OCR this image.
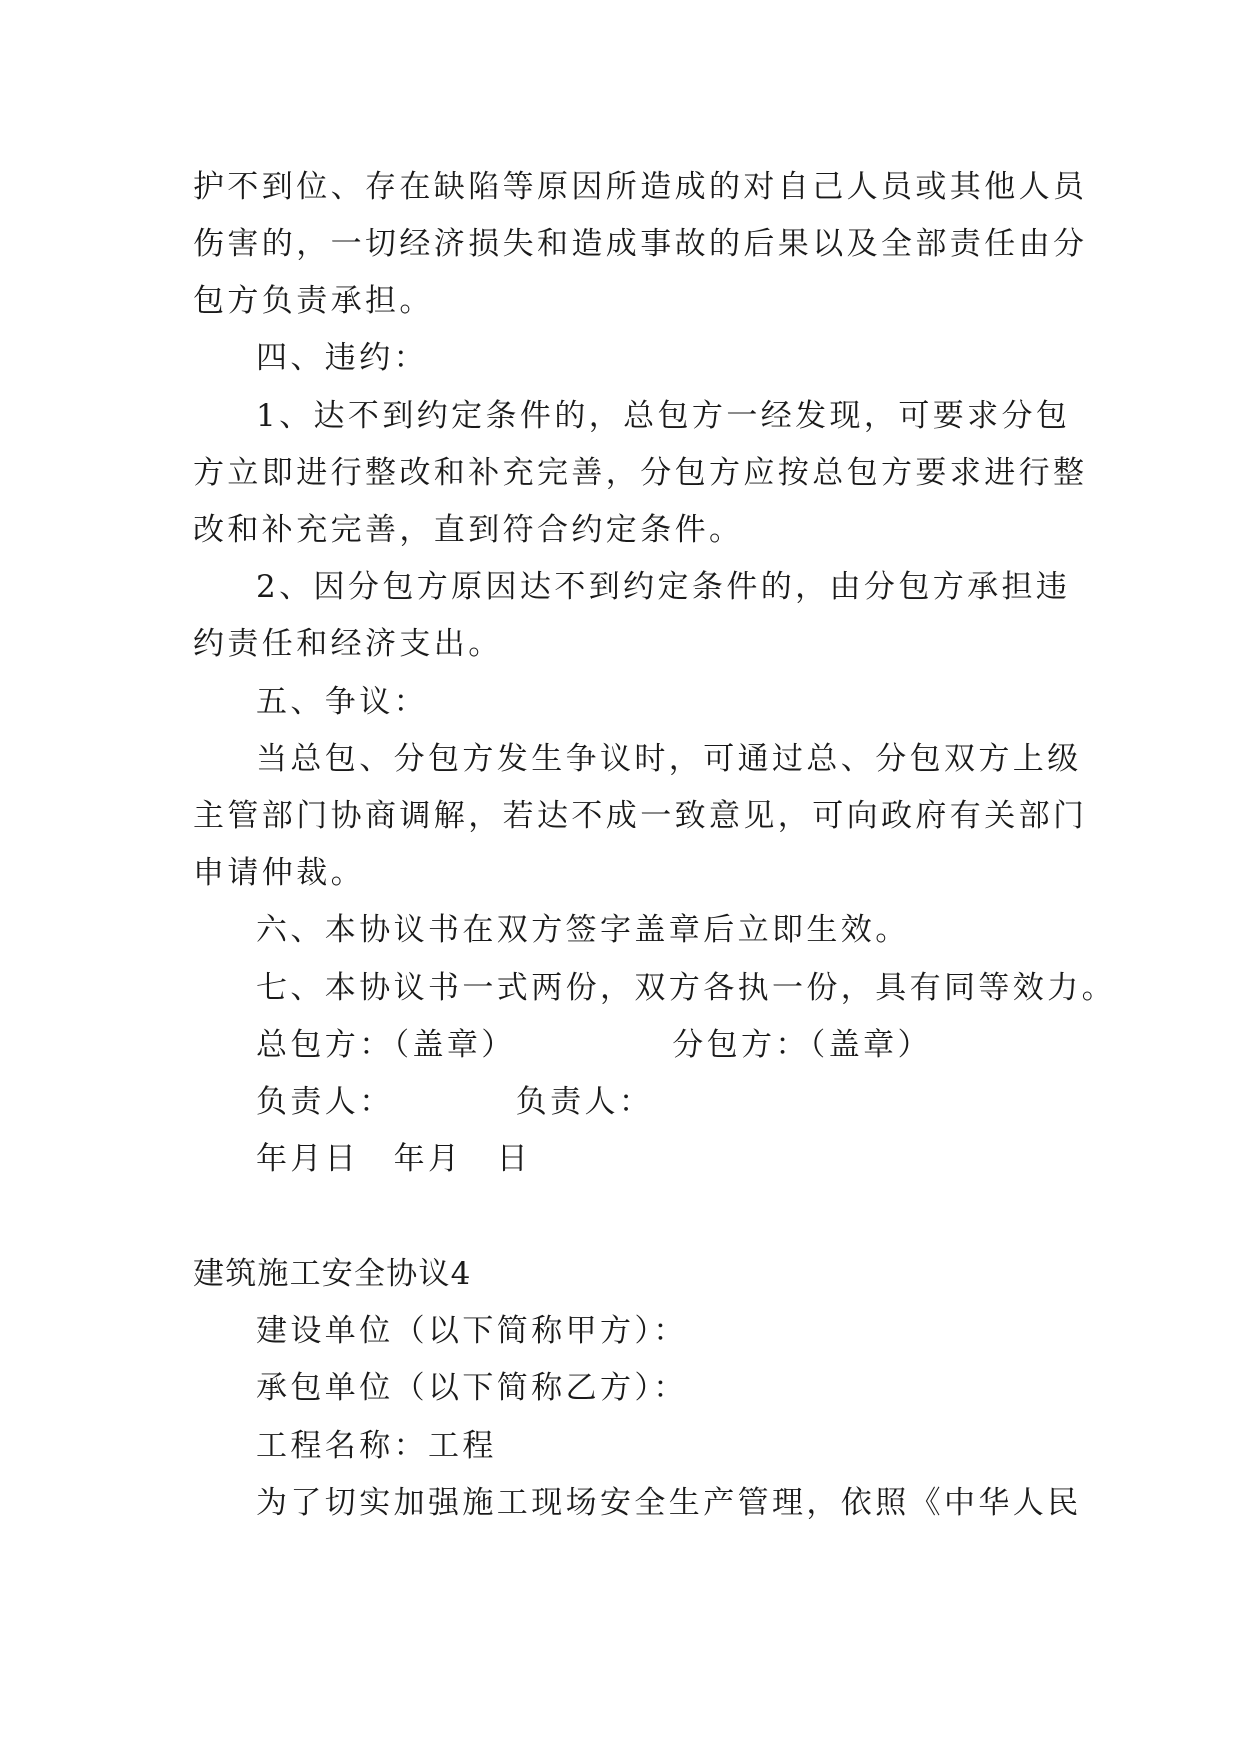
护不到位、存在缺陷等原因所造成的对自己人员或其他人员
伤害的，一切经济损失和造成事故的后果以及全部责任由分
包方负责承担。
四、违约：
1、达不到约定条件的，总包方一经发现，可要求分包
方立即进行整改和补充完善，分包方应按总包方要求进行整
改和补充完善，直到符合约定条件。
2、因分包方原因达不到约定条件的，由分包方承担违
约责任和经济支出。
五、争议：
当总包、分包方发生争议时，可通过总、分包双方上级
主管部门协商调解，若达不成一致意见，可向政府有关部门
申请仲裁。
六、本协议书在双方签字盖章后立即生效。
七、本协议书一式两份，双方各执一份，具有同等效力。
总包方：（盖章）　　　　　分包方：（盖章）
负责人：　　　　负责人：
年月日　年月　日
建筑施工安全协议4
建设单位（以下简称甲方）：
承包单位（以下简称乙方）：
工程名称：工程
为了切实加强施工现场安全生产管理，依照《中华人民
